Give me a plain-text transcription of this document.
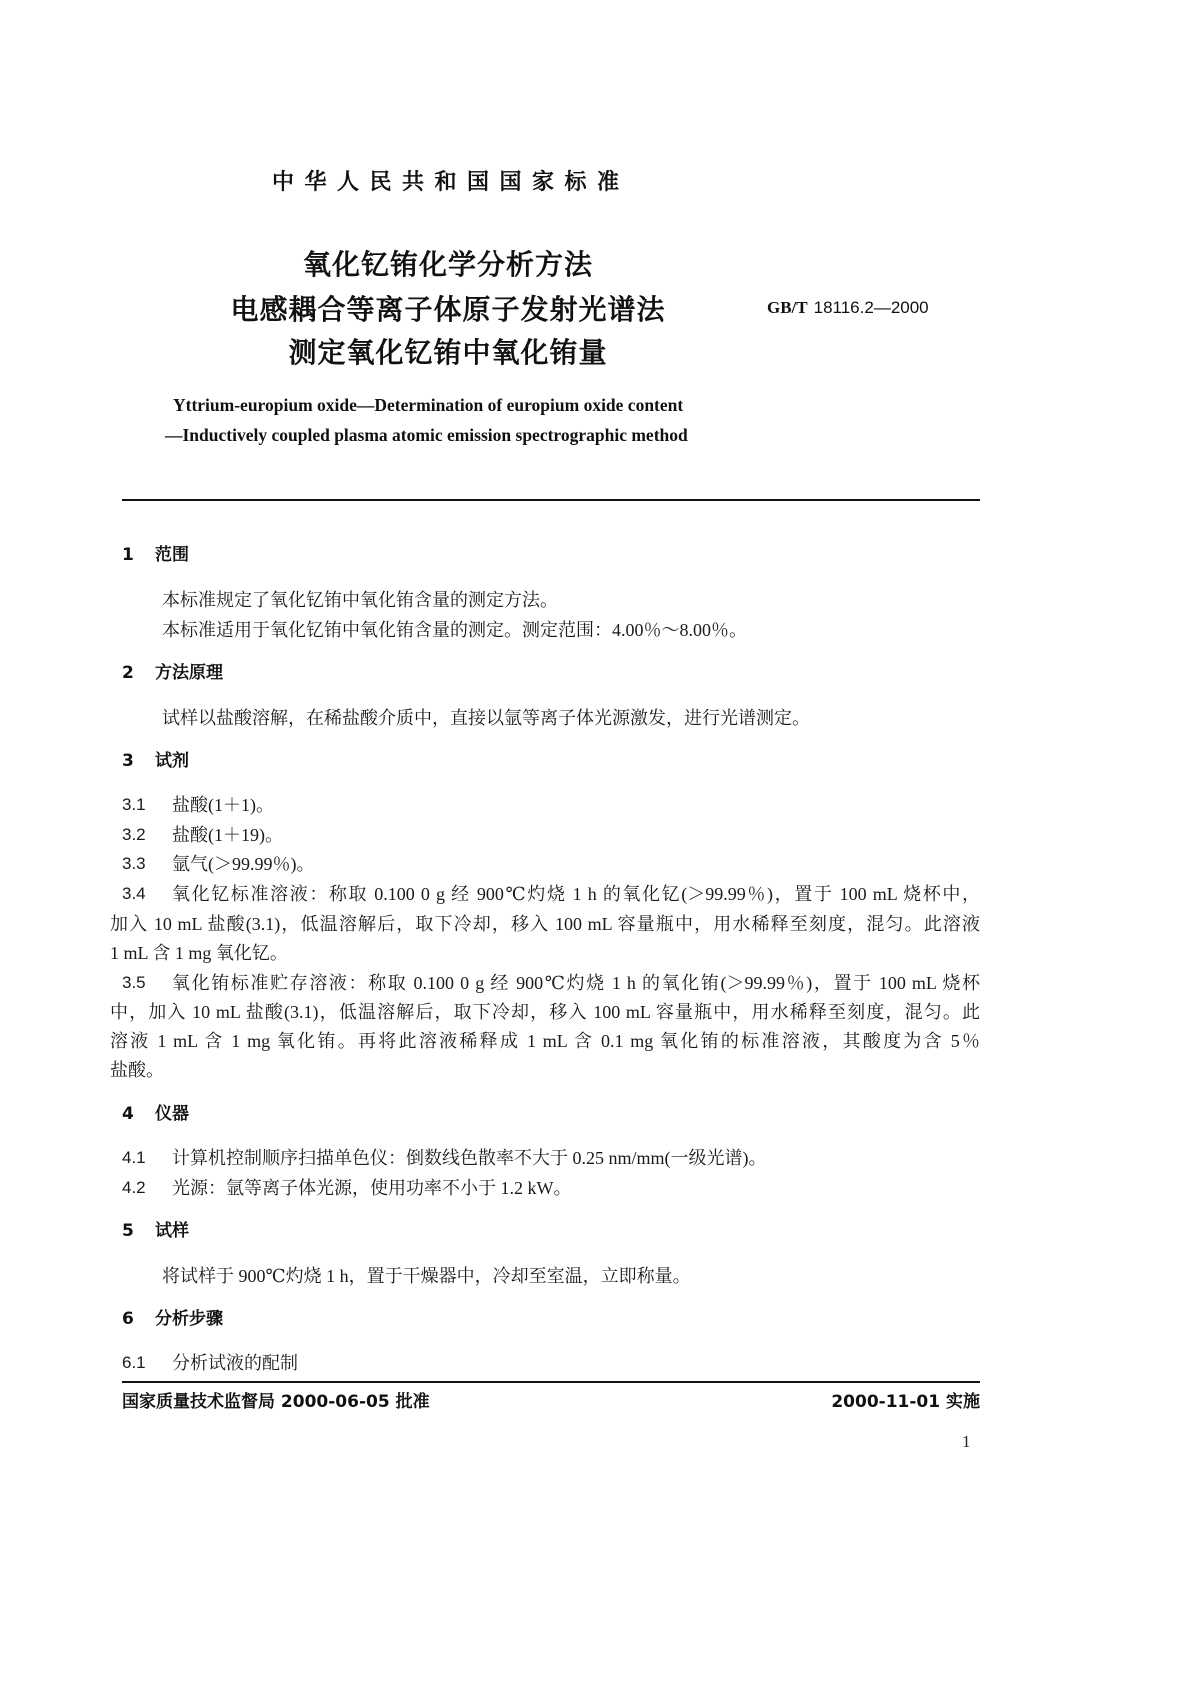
中华人民共和国国家标准
氧化钇铕化学分析方法
电感耦合等离子体原子发射光谱法
测定氧化钇铕中氧化铕量
GB/T 18116.2—2000
Yttrium-europium oxide—Determination of europium oxide content
—Inductively coupled plasma atomic emission spectrographic method
1 范围
本标准规定了氧化钇铕中氧化铕含量的测定方法。
本标准适用于氧化钇铕中氧化铕含量的测定。测定范围：4.00％～8.00％。
2 方法原理
试样以盐酸溶解，在稀盐酸介质中，直接以氩等离子体光源激发，进行光谱测定。
3 试剂
3.1 盐酸(1＋1)。
3.2 盐酸(1＋19)。
3.3 氩气(＞99.99％)。
3.4 氧化钇标准溶液：称取 0.100 0 g 经 900℃灼烧 1 h 的氧化钇(＞99.99％)，置于 100 mL 烧杯中，
加入 10 mL 盐酸(3.1)，低温溶解后，取下冷却，移入 100 mL 容量瓶中，用水稀释至刻度，混匀。此溶液
1 mL 含 1 mg 氧化钇。
3.5 氧化铕标准贮存溶液：称取 0.100 0 g 经 900℃灼烧 1 h 的氧化铕(＞99.99％)，置于 100 mL 烧杯
中，加入 10 mL 盐酸(3.1)，低温溶解后，取下冷却，移入 100 mL 容量瓶中，用水稀释至刻度，混匀。此
溶液 1 mL 含 1 mg 氧化铕。再将此溶液稀释成 1 mL 含 0.1 mg 氧化铕的标准溶液，其酸度为含 5％
盐酸。
4 仪器
4.1 计算机控制顺序扫描单色仪：倒数线色散率不大于 0.25 nm/mm(一级光谱)。
4.2 光源：氩等离子体光源，使用功率不小于 1.2 kW。
5 试样
将试样于 900℃灼烧 1 h，置于干燥器中，冷却至室温，立即称量。
6 分析步骤
6.1 分析试液的配制
国家质量技术监督局 2000-06-05 批准	2000-11-01 实施
1
